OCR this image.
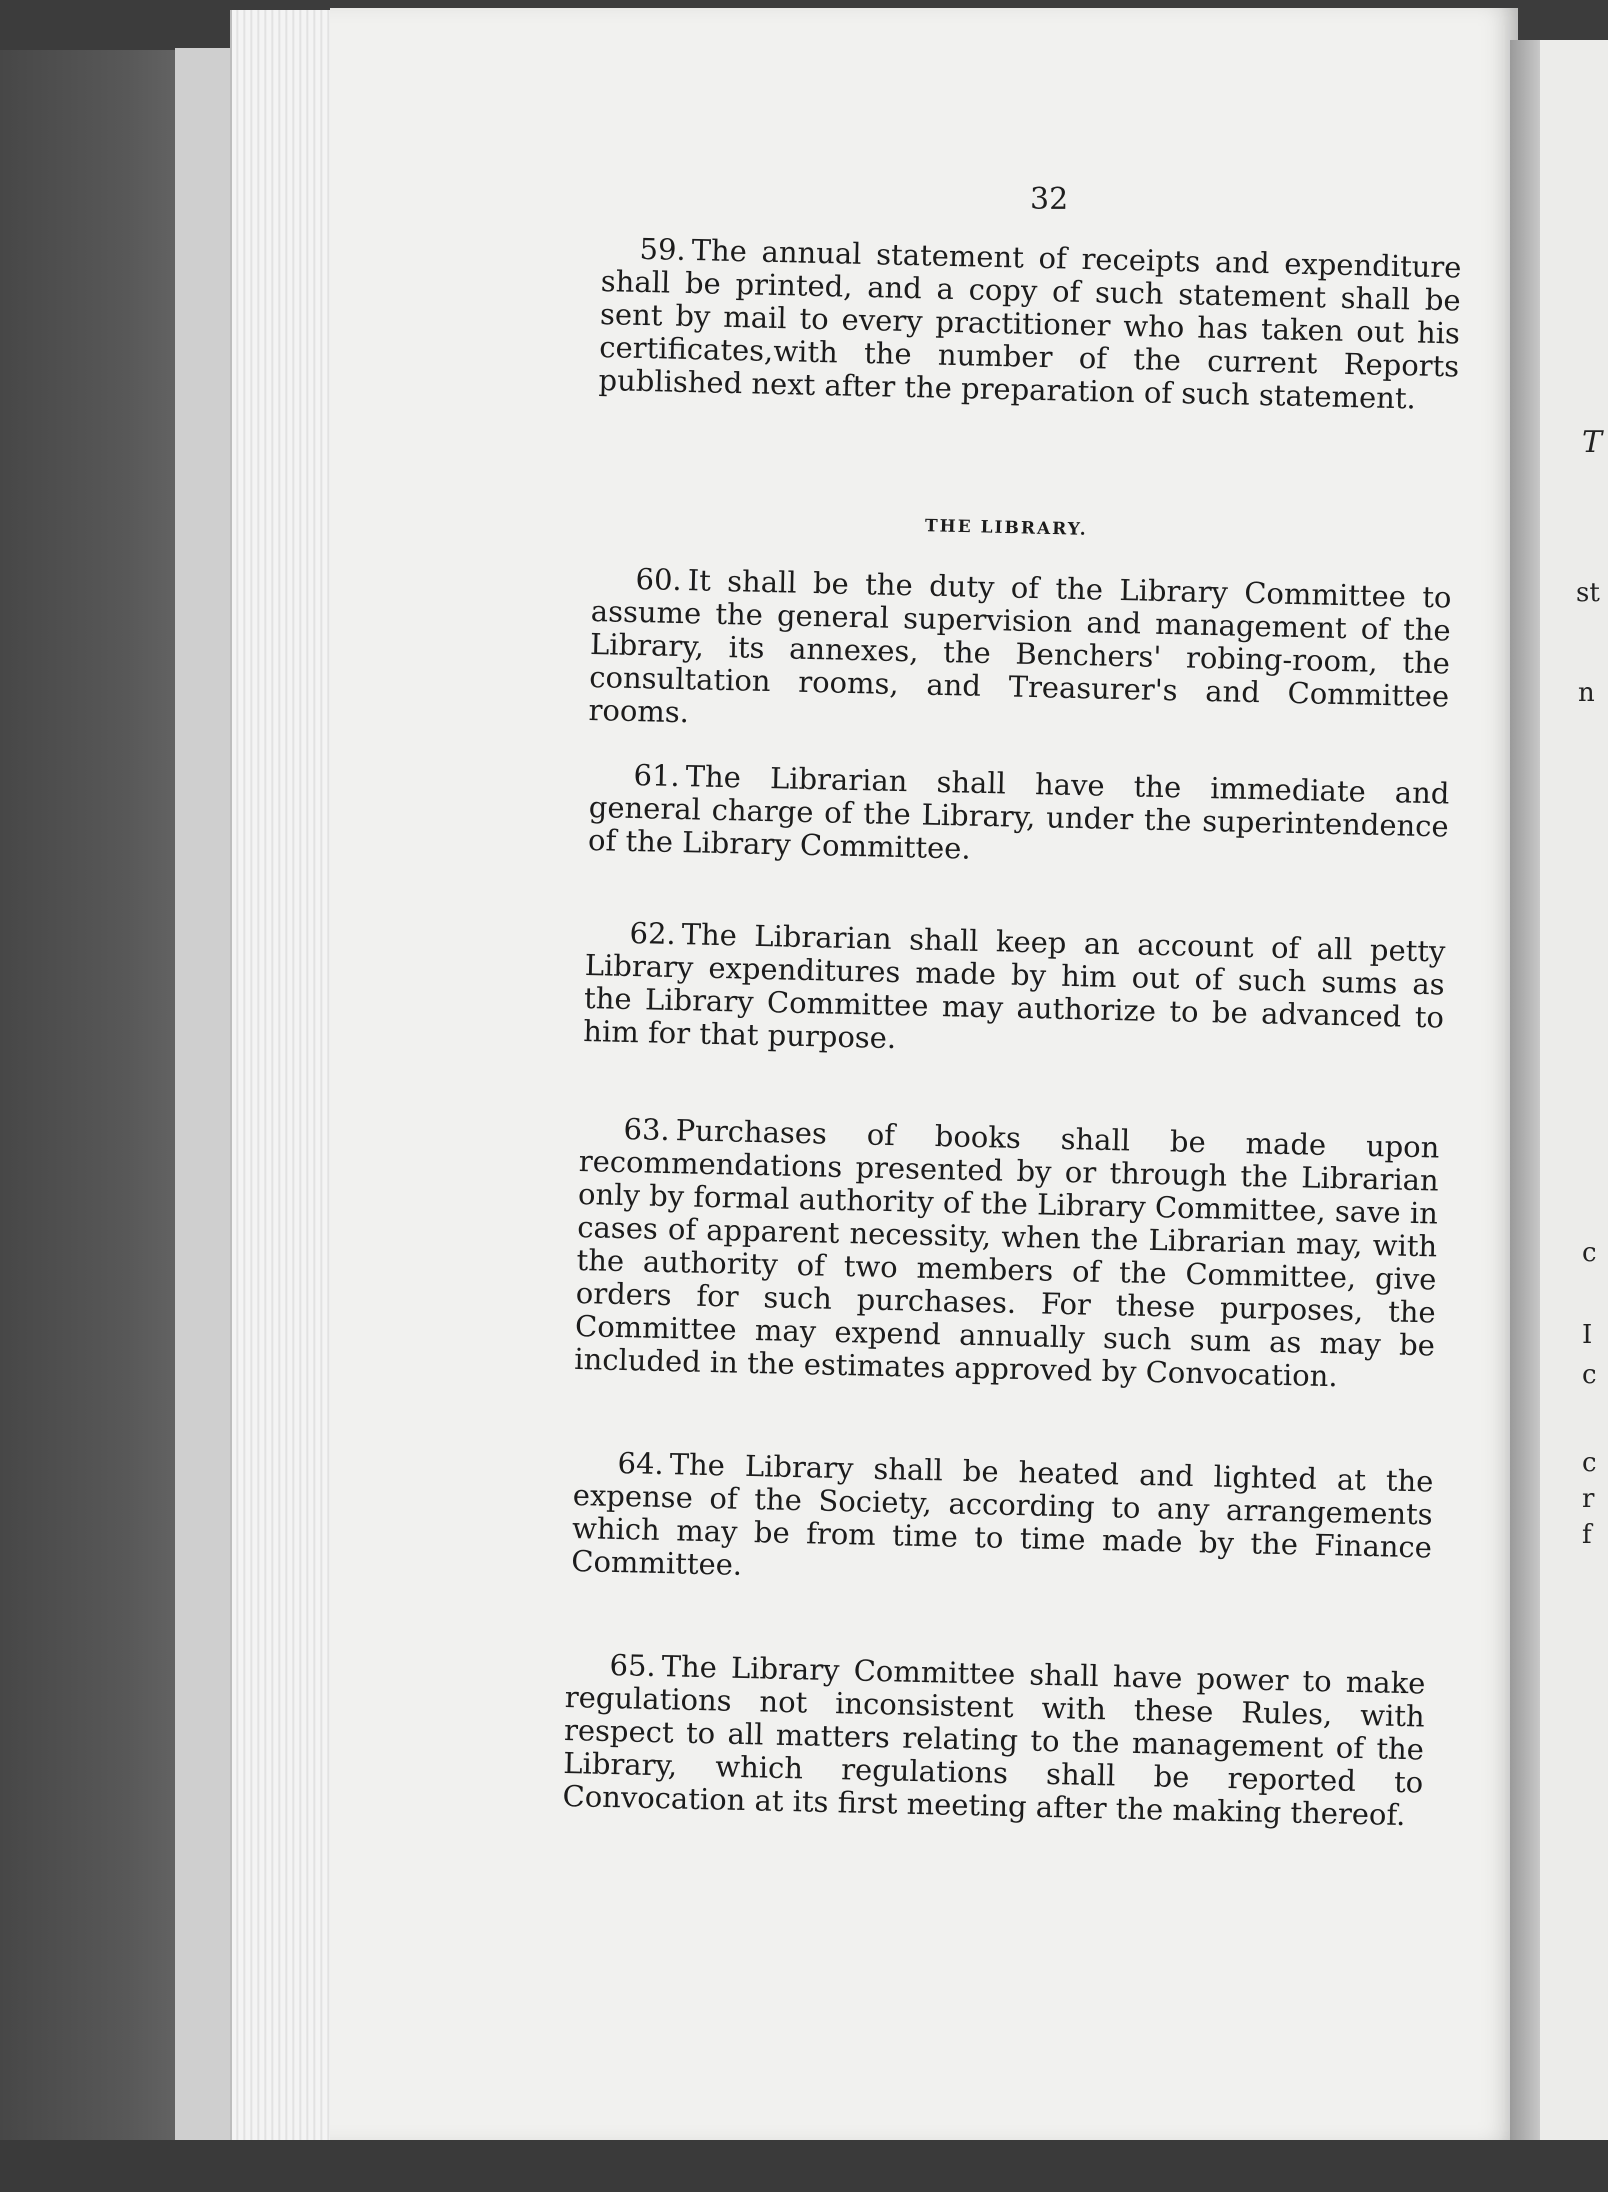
T
st
n
c
I
c
c
r
f
32

59. The annual statement of receipts and expenditure shall be printed, and a copy of such statement shall be sent by mail to every practitioner who has taken out his certificates,with the number of the current Reports published next after the preparation of such statement.

THE LIBRARY.

60. It shall be the duty of the Library Committee to assume the general supervision and management of the Library, its annexes, the Benchers' robing-room, the consultation rooms, and Treasurer's and Committee rooms.

61. The Librarian shall have the immediate and general charge of the Library, under the superintendence of the Library Committee.

62. The Librarian shall keep an account of all petty Library expenditures made by him out of such sums as the Library Committee may authorize to be advanced to him for that purpose.

63. Purchases of books shall be made upon recommendations presented by or through the Librarian only by formal authority of the Library Committee, save in cases of apparent necessity, when the Librarian may, with the authority of two members of the Committee, give orders for such purchases. For these purposes, the Committee may expend annually such sum as may be included in the estimates approved by Convocation.

64. The Library shall be heated and lighted at the expense of the Society, according to any arrangements which may be from time to time made by the Finance Committee.

65. The Library Committee shall have power to make regulations not inconsistent with these Rules, with respect to all matters relating to the management of the Library, which regulations shall be reported to Convocation at its first meeting after the making thereof.
